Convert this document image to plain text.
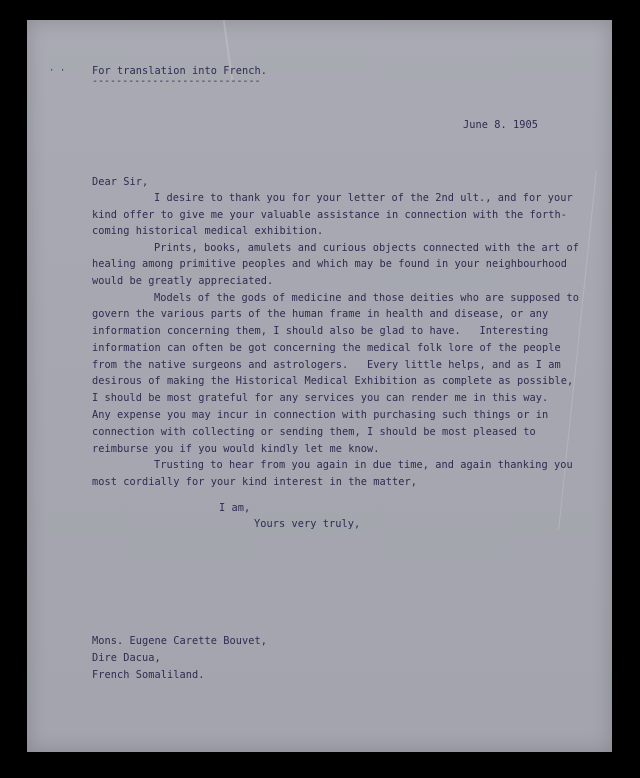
· ·	For translation into French.
----------------------------
June 8. 1905
Dear Sir,
I desire to thank you for your letter of the 2nd ult., and for your
kind offer to give me your valuable assistance in connection with the forth-
coming historical medical exhibition.
Prints, books, amulets and curious objects connected with the art of
healing among primitive peoples and which may be found in your neighbourhood
would be greatly appreciated.
Models of the gods of medicine and those deities who are supposed to
govern the various parts of the human frame in health and disease, or any
information concerning them, I should also be glad to have.   Interesting
information can often be got concerning the medical folk lore of the people
from the native surgeons and astrologers.   Every little helps, and as I am
desirous of making the Historical Medical Exhibition as complete as possible,
I should be most grateful for any services you can render me in this way.
Any expense you may incur in connection with purchasing such things or in
connection with collecting or sending them, I should be most pleased to
reimburse you if you would kindly let me know.
Trusting to hear from you again in due time, and again thanking you
most cordially for your kind interest in the matter,
I am,
Yours very truly,
Mons. Eugene Carette Bouvet,
Dire Dacua,
French Somaliland.
